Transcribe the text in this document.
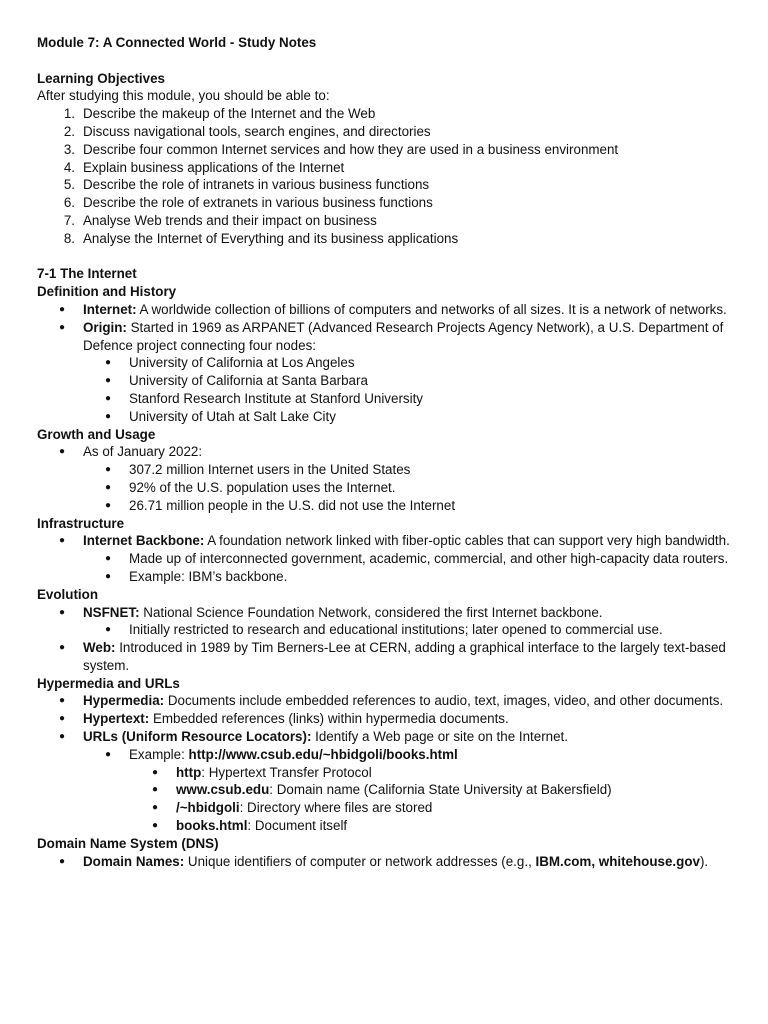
Module 7: A Connected World - Study Notes
Learning Objectives
After studying this module, you should be able to:
1. Describe the makeup of the Internet and the Web
2. Discuss navigational tools, search engines, and directories
3. Describe four common Internet services and how they are used in a business environment
4. Explain business applications of the Internet
5. Describe the role of intranets in various business functions
6. Describe the role of extranets in various business functions
7. Analyse Web trends and their impact on business
8. Analyse the Internet of Everything and its business applications
7-1 The Internet
Definition and History
● Internet: A worldwide collection of billions of computers and networks of all sizes. It is a network of networks.
● Origin: Started in 1969 as ARPANET (Advanced Research Projects Agency Network), a U.S. Department of Defence project connecting four nodes:
● University of California at Los Angeles
● University of California at Santa Barbara
● Stanford Research Institute at Stanford University
● University of Utah at Salt Lake City
Growth and Usage
● As of January 2022:
● 307.2 million Internet users in the United States
● 92% of the U.S. population uses the Internet.
● 26.71 million people in the U.S. did not use the Internet
Infrastructure
● Internet Backbone: A foundation network linked with fiber-optic cables that can support very high bandwidth.
● Made up of interconnected government, academic, commercial, and other high-capacity data routers.
● Example: IBM’s backbone.
Evolution
● NSFNET: National Science Foundation Network, considered the first Internet backbone.
● Initially restricted to research and educational institutions; later opened to commercial use.
● Web: Introduced in 1989 by Tim Berners-Lee at CERN, adding a graphical interface to the largely text-based system.
Hypermedia and URLs
● Hypermedia: Documents include embedded references to audio, text, images, video, and other documents.
● Hypertext: Embedded references (links) within hypermedia documents.
● URLs (Uniform Resource Locators): Identify a Web page or site on the Internet.
● Example: http://www.csub.edu/~hbidgoli/books.html
● http: Hypertext Transfer Protocol
● www.csub.edu: Domain name (California State University at Bakersfield)
● /~hbidgoli: Directory where files are stored
● books.html: Document itself
Domain Name System (DNS)
● Domain Names: Unique identifiers of computer or network addresses (e.g., IBM.com, whitehouse.gov).
